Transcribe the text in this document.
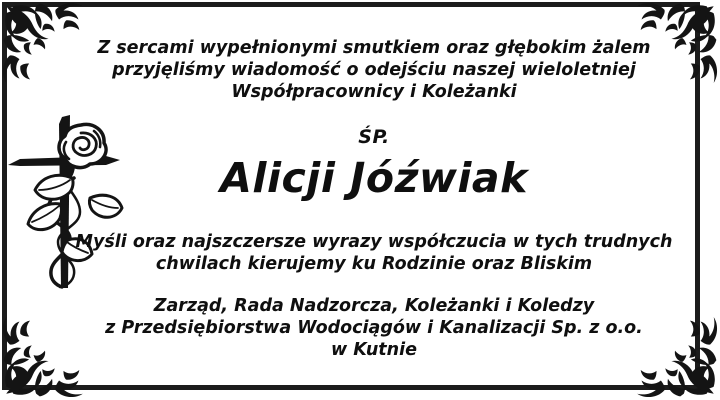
Z sercami wypełnionymi smutkiem oraz głębokim żalem
przyjęliśmy wiadomość o odejściu naszej wieloletniej
Współpracownicy i Koleżanki
ŚP.
Alicji Jóźwiak
Myśli oraz najszczersze wyrazy współczucia w tych trudnych
chwilach kierujemy ku Rodzinie oraz Bliskim
Zarząd, Rada Nadzorcza, Koleżanki i Koledzy
z Przedsiębiorstwa Wodociągów i Kanalizacji Sp. z o.o.
w Kutnie
